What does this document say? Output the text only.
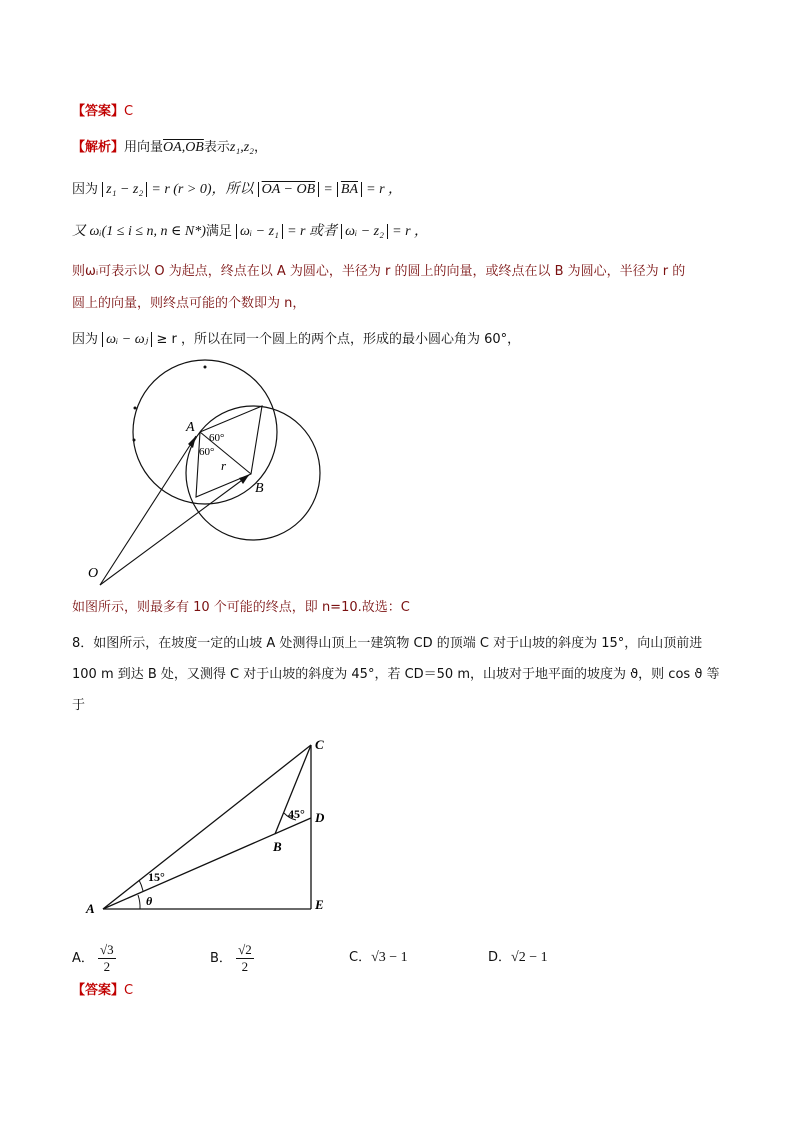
【答案】C
【解析】用向量OA,OB表示z₁,z₂，
因为 z₁ − z₂ = r (r > 0)，所以 OA − OB = $\overline{BA} = r$ ，
又 ωᵢ(1 ≤ i ≤ n, n ∈ N*)满足 ωᵢ − z₁ = r 或者 ωᵢ − z₂ = r ，
则ωᵢ可表示以 O 为起点，终点在以 A 为圆心，半径为 r 的圆上的向量，或终点在以 B 为圆心，半径为 r 的
圆上的向量，则终点可能的个数即为 n，
因为 ωᵢ − ωⱼ ≥ r ，所以在同一个圆上的两个点，形成的最小圆心角为 60°，
A
B
O
r
60°
60°
如图所示，则最多有 10 个可能的终点，即 n=10.故选：C
8．如图所示，在坡度一定的山坡 A 处测得山顶上一建筑物 CD 的顶端 C 对于山坡的斜度为 15°，向山顶前进
100 m 到达 B 处，又测得 C 对于山坡的斜度为 45°，若 CD＝50 m，山坡对于地平面的坡度为 ϑ，则 cos ϑ 等
于
C
D
E
A
B
15°
45°
θ
A． $\frac{√3}{2}$	B． $\frac{√2}{2}$	C．√3 − 1	D．√2 − 1
【答案】C
